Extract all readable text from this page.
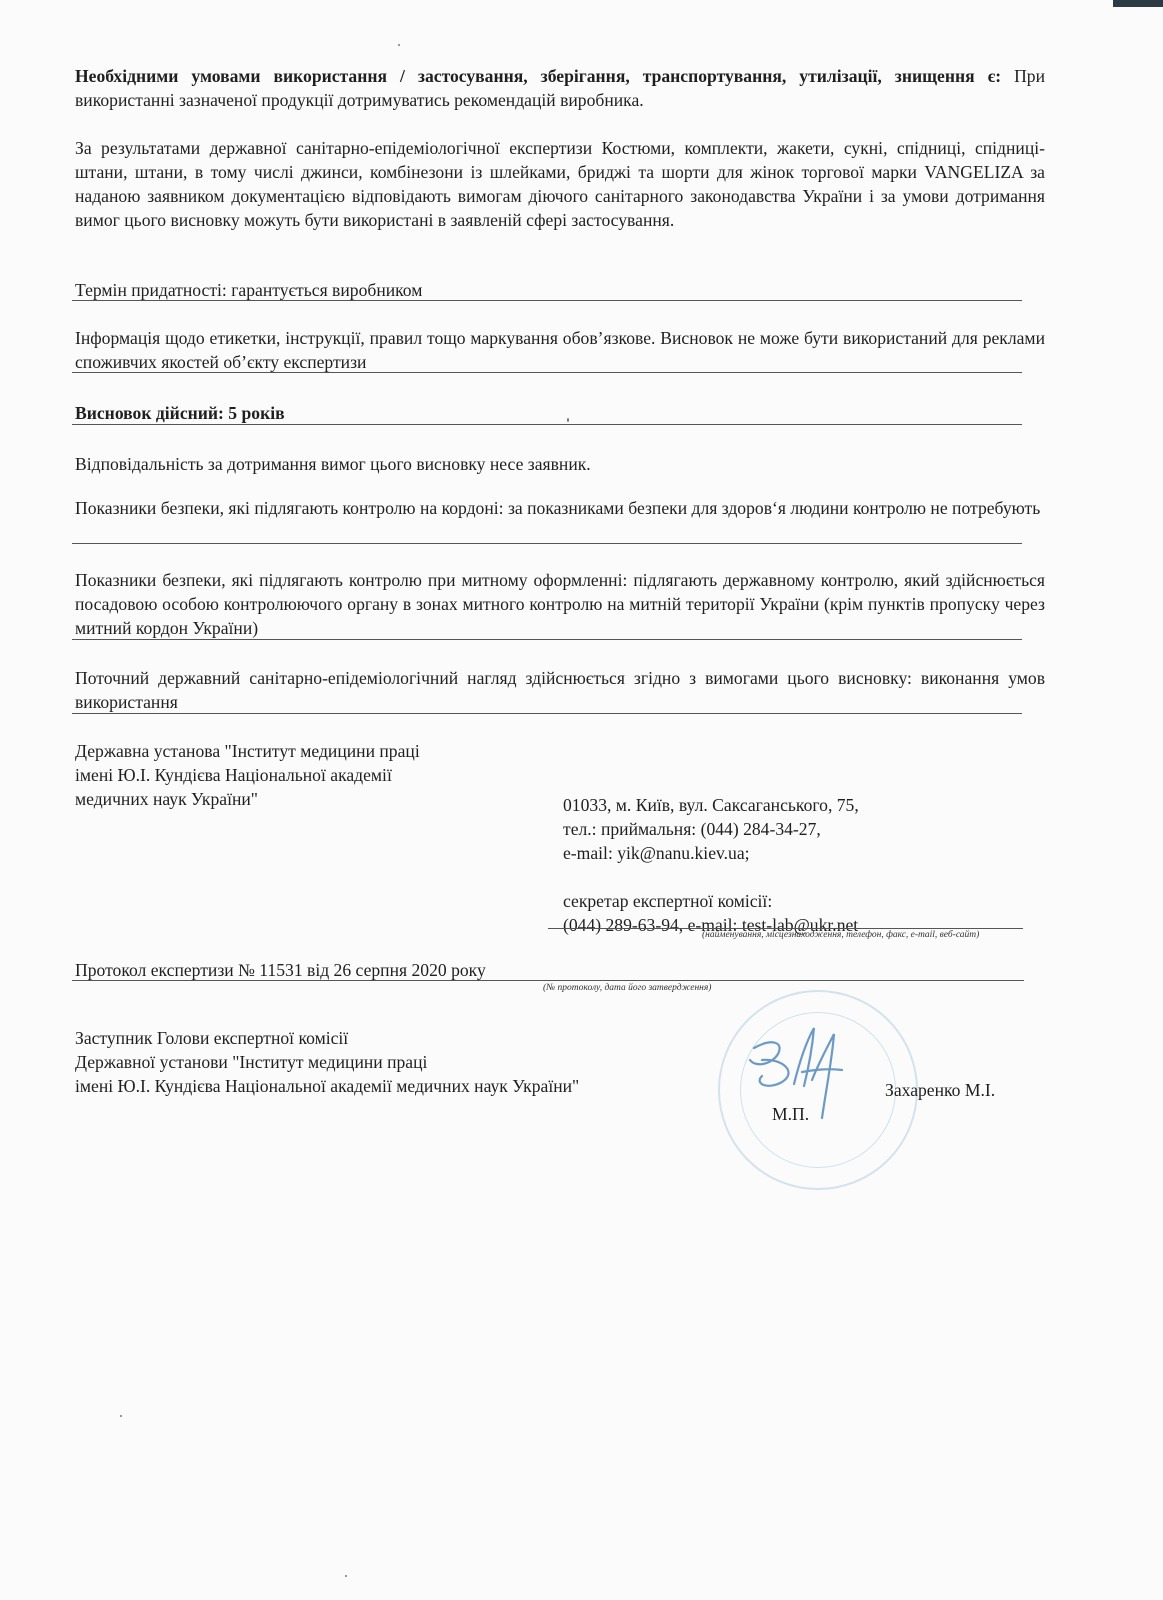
Необхідними умовами використання / застосування, зберігання, транспортування, утилізації, знищення є: При використанні зазначеної продукції дотримуватись рекомендацій виробника.
За результатами державної санітарно-епідеміологічної експертизи Костюми, комплекти, жакети, сукні, спідниці, спідниці-штани, штани, в тому числі джинси, комбінезони із шлейками, бриджі та шорти для жінок торгової марки VANGELIZA за наданою заявником документацією відповідають вимогам діючого санітарного законодавства України і за умови дотримання вимог цього висновку можуть бути використані в заявленій сфері застосування.
Термін придатності: гарантується виробником
Інформація щодо етикетки, інструкції, правил тощо маркування обов’язкове. Висновок не може бути використаний для реклами споживчих якостей об’єкту експертизи
Висновок дійсний: 5 років
Відповідальність за дотримання вимог цього висновку несе заявник.
Показники безпеки, які підлягають контролю на кордоні: за показниками безпеки для здоров‘я людини контролю не потребують
Показники безпеки, які підлягають контролю при митному оформленні: підлягають державному контролю, який здійснюється посадовою особою контролюючого органу в зонах митного контролю на митній території України (крім пунктів пропуску через митний кордон України)
Поточний державний санітарно-епідеміологічний нагляд здійснюється згідно з вимогами цього висновку: виконання умов використання
Державна установа "Інститут медицини праці
імені Ю.І. Кундієва Національної академії
медичних наук України"	01033, м. Київ, вул. Саксаганського, 75,
тел.: приймальня: (044) 284-34-27,
e-mail: yik@nanu.kiev.ua;
секретар експертної комісії:
(044) 289-63-94, e-mail: test-lab@ukr.net
(найменування, місцезнаходження, телефон, факс, e-mail, веб-сайт)
Протокол експертизи № 11531 від 26 серпня 2020 року
(№ протоколу, дата його затвердження)
Заступник Голови експертної комісії
Державної установи "Інститут медицини праці
імені Ю.І. Кундієва Національної академії медичних наук України"	Захаренко М.І.
М.П.
